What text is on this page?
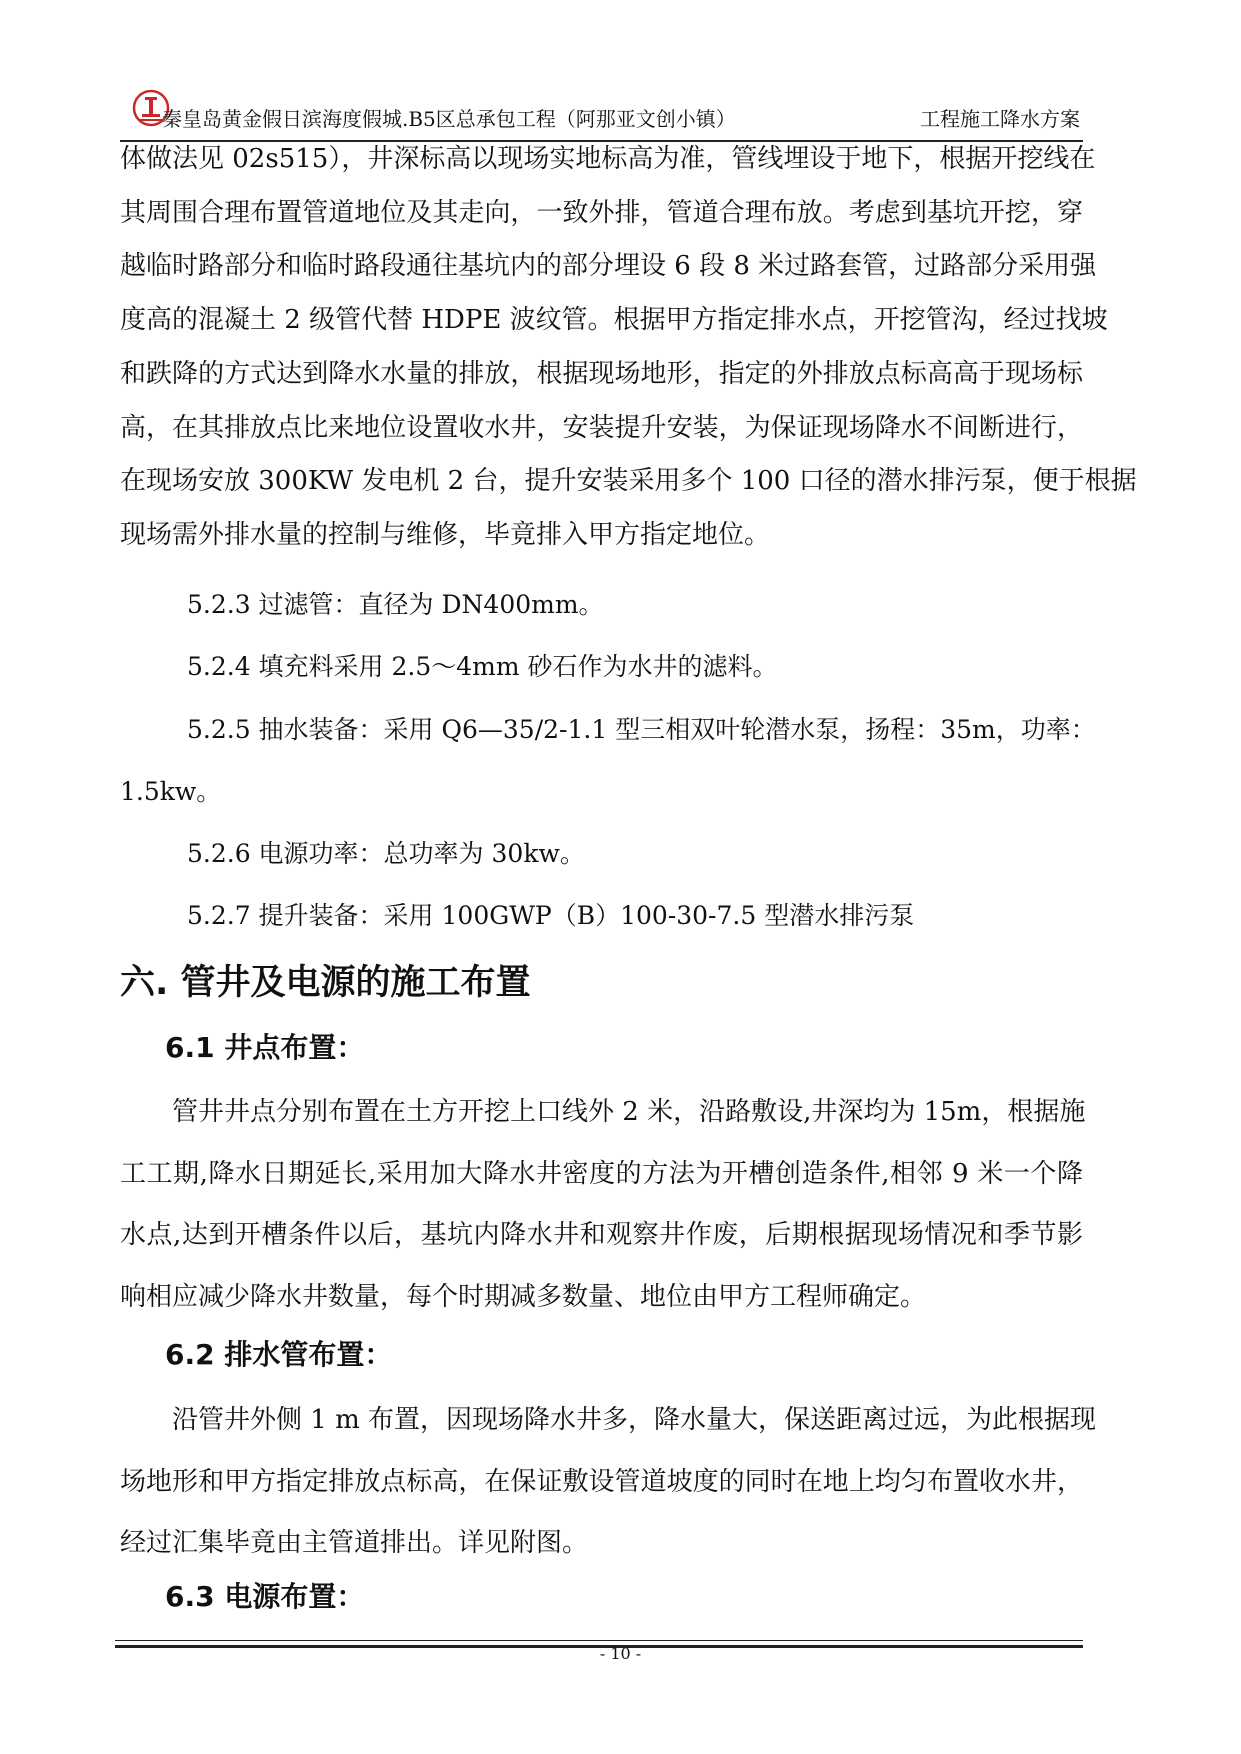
秦皇岛黄金假日滨海度假城.B5区总承包工程（阿那亚文创小镇）	工程施工降水方案

体做法见 02s515），井深标高以现场实地标高为准，管线埋设于地下，根据开挖线在
其周围合理布置管道地位及其走向，一致外排，管道合理布放。考虑到基坑开挖，穿
越临时路部分和临时路段通往基坑内的部分埋设 6 段 8 米过路套管，过路部分采用强
度高的混凝土 2 级管代替 HDPE 波纹管。根据甲方指定排水点，开挖管沟，经过找坡
和跌降的方式达到降水水量的排放，根据现场地形，指定的外排放点标高高于现场标
高，在其排放点比来地位设置收水井，安装提升安装，为保证现场降水不间断进行，
在现场安放 300KW 发电机 2 台，提升安装采用多个 100 口径的潜水排污泵，便于根据
现场需外排水量的控制与维修，毕竟排入甲方指定地位。

5.2.3 过滤管：直径为 DN400mm。
5.2.4 填充料采用 2.5～4mm 砂石作为水井的滤料。
5.2.5 抽水装备：采用 Q6—35/2-1.1 型三相双叶轮潜水泵，扬程：35m，功率：
1.5kw。
5.2.6 电源功率：总功率为 30kw。
5.2.7 提升装备：采用 100GWP（B）100-30-7.5 型潜水排污泵
六. 管井及电源的施工布置
6.1 井点布置：

管井井点分别布置在土方开挖上口线外 2 米，沿路敷设,井深均为 15m，根据施
工工期,降水日期延长,采用加大降水井密度的方法为开槽创造条件,相邻 9 米一个降
水点,达到开槽条件以后，基坑内降水井和观察井作废，后期根据现场情况和季节影
响相应减少降水井数量，每个时期减多数量、地位由甲方工程师确定。

6.2 排水管布置：

沿管井外侧 1 m 布置，因现场降水井多，降水量大，保送距离过远，为此根据现
场地形和甲方指定排放点标高，在保证敷设管道坡度的同时在地上均匀布置收水井，
经过汇集毕竟由主管道排出。详见附图。

6.3 电源布置：
- 10 -
